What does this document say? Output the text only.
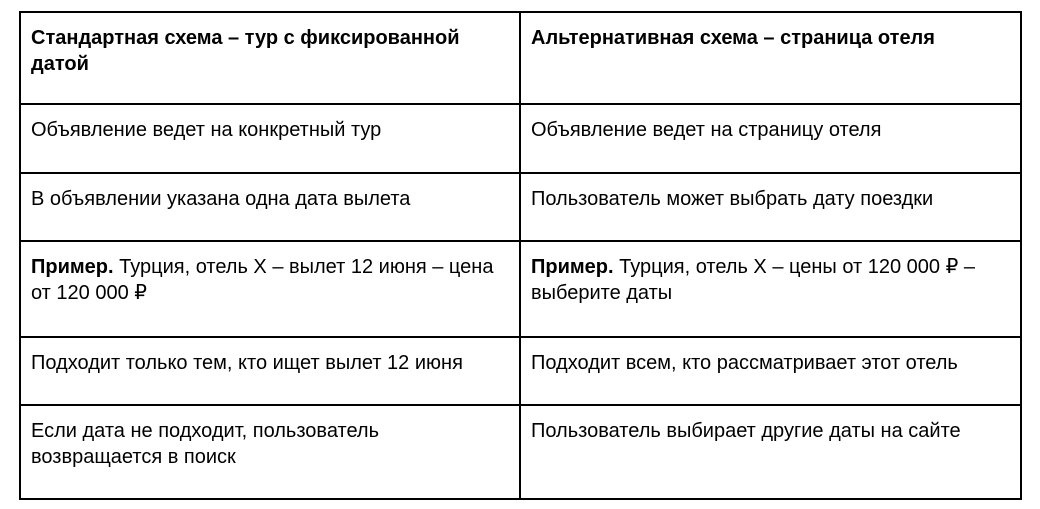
Стандартная схема – тур с фиксированной датой	Альтернативная схема – страница отеля
Объявление ведет на конкретный тур	Объявление ведет на страницу отеля
В объявлении указана одна дата вылета	Пользователь может выбрать дату поездки
Пример. Турция, отель X – вылет 12 июня – цена от 120 000 ₽	Пример. Турция, отель X – цены от 120 000 ₽ – выберите даты
Подходит только тем, кто ищет вылет 12 июня	Подходит всем, кто рассматривает этот отель
Если дата не подходит, пользователь возвращается в поиск	Пользователь выбирает другие даты на сайте
